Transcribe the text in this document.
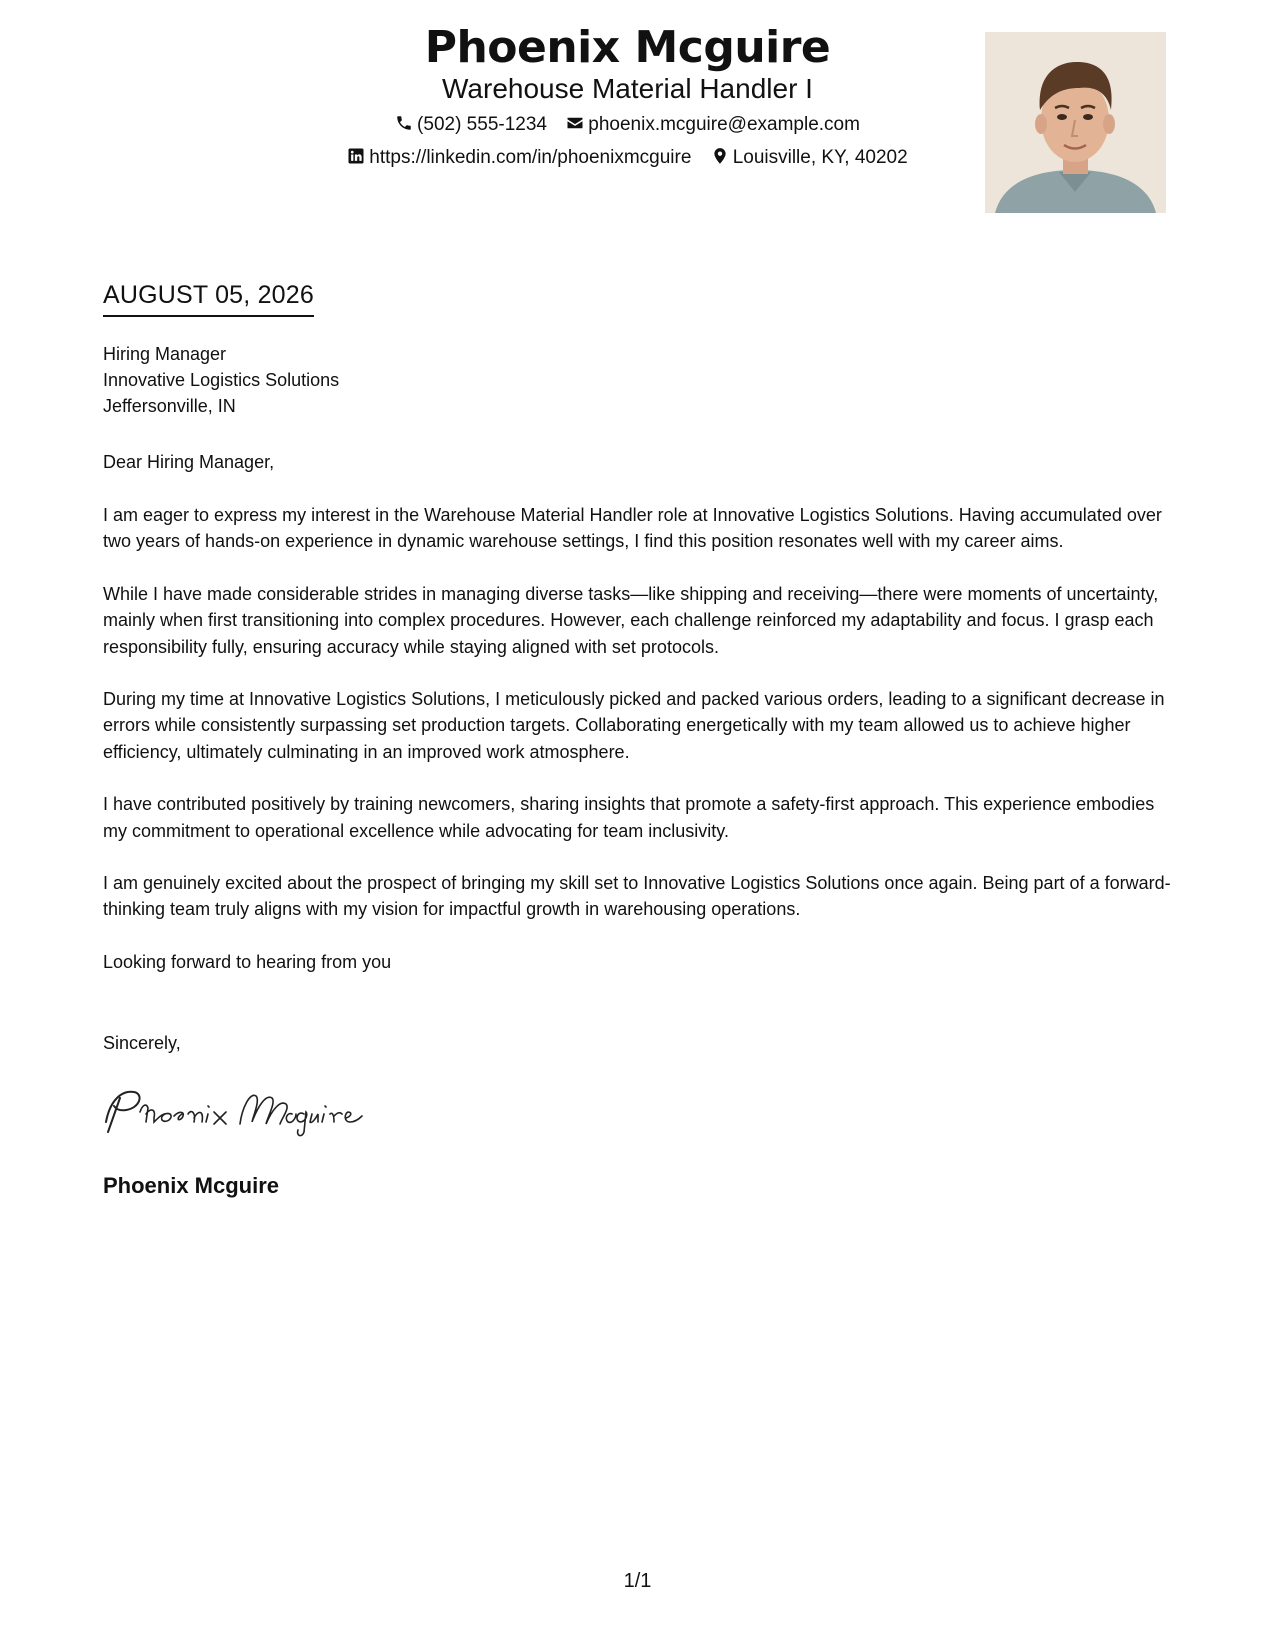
Phoenix Mcguire
Warehouse Material Handler I
(502) 555-1234 phoenix.mcguire@example.com
https://linkedin.com/in/phoenixmcguire Louisville, KY, 40202
AUGUST 05, 2026
Hiring Manager
Innovative Logistics Solutions
Jeffersonville, IN
Dear Hiring Manager,

I am eager to express my interest in the Warehouse Material Handler role at Innovative Logistics Solutions. Having accumulated over two years of hands-on experience in dynamic warehouse settings, I find this position resonates well with my career aims.

While I have made considerable strides in managing diverse tasks—like shipping and receiving—there were moments of uncertainty, mainly when first transitioning into complex procedures. However, each challenge reinforced my adaptability and focus. I grasp each responsibility fully, ensuring accuracy while staying aligned with set protocols.

During my time at Innovative Logistics Solutions, I meticulously picked and packed various orders, leading to a significant decrease in errors while consistently surpassing set production targets. Collaborating energetically with my team allowed us to achieve higher efficiency, ultimately culminating in an improved work atmosphere.

I have contributed positively by training newcomers, sharing insights that promote a safety-first approach. This experience embodies my commitment to operational excellence while advocating for team inclusivity.

I am genuinely excited about the prospect of bringing my skill set to Innovative Logistics Solutions once again. Being part of a forward-thinking team truly aligns with my vision for impactful growth in warehousing operations.

Looking forward to hearing from you

Sincerely,
Phoenix Mcguire
1/1
